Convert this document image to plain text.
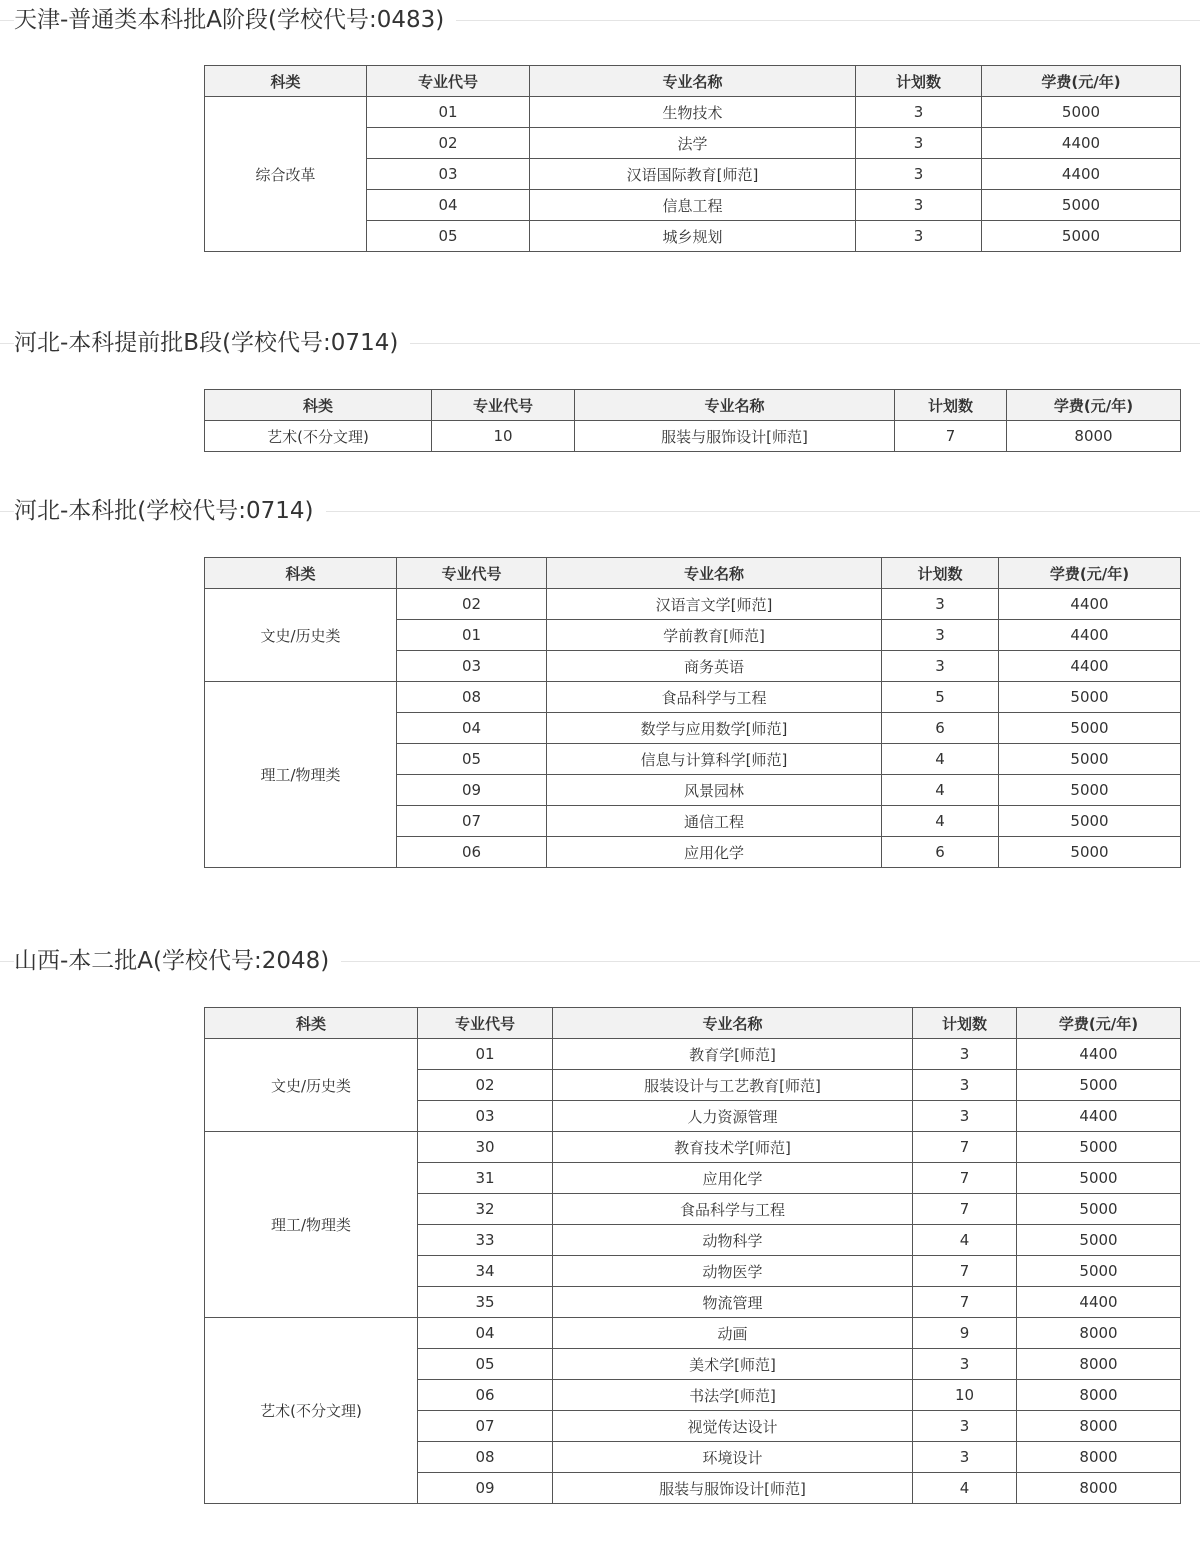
天津-普通类本科批A阶段(学校代号:0483)
科类	专业代号	专业名称	计划数	学费(元/年)
综合改革	01	生物技术	3	5000
	02	法学	3	4400
	03	汉语国际教育[师范]	3	4400
	04	信息工程	3	5000
	05	城乡规划	3	5000
河北-本科提前批B段(学校代号:0714)
科类	专业代号	专业名称	计划数	学费(元/年)
艺术(不分文理)	10	服装与服饰设计[师范]	7	8000
河北-本科批(学校代号:0714)
科类	专业代号	专业名称	计划数	学费(元/年)
文史/历史类	02	汉语言文学[师范]	3	4400
	01	学前教育[师范]	3	4400
	03	商务英语	3	4400
理工/物理类	08	食品科学与工程	5	5000
	04	数学与应用数学[师范]	6	5000
	05	信息与计算科学[师范]	4	5000
	09	风景园林	4	5000
	07	通信工程	4	5000
	06	应用化学	6	5000
山西-本二批A(学校代号:2048)
科类	专业代号	专业名称	计划数	学费(元/年)
文史/历史类	01	教育学[师范]	3	4400
	02	服装设计与工艺教育[师范]	3	5000
	03	人力资源管理	3	4400
理工/物理类	30	教育技术学[师范]	7	5000
	31	应用化学	7	5000
	32	食品科学与工程	7	5000
	33	动物科学	4	5000
	34	动物医学	7	5000
	35	物流管理	7	4400
艺术(不分文理)	04	动画	9	8000
	05	美术学[师范]	3	8000
	06	书法学[师范]	10	8000
	07	视觉传达设计	3	8000
	08	环境设计	3	8000
	09	服装与服饰设计[师范]	4	8000
